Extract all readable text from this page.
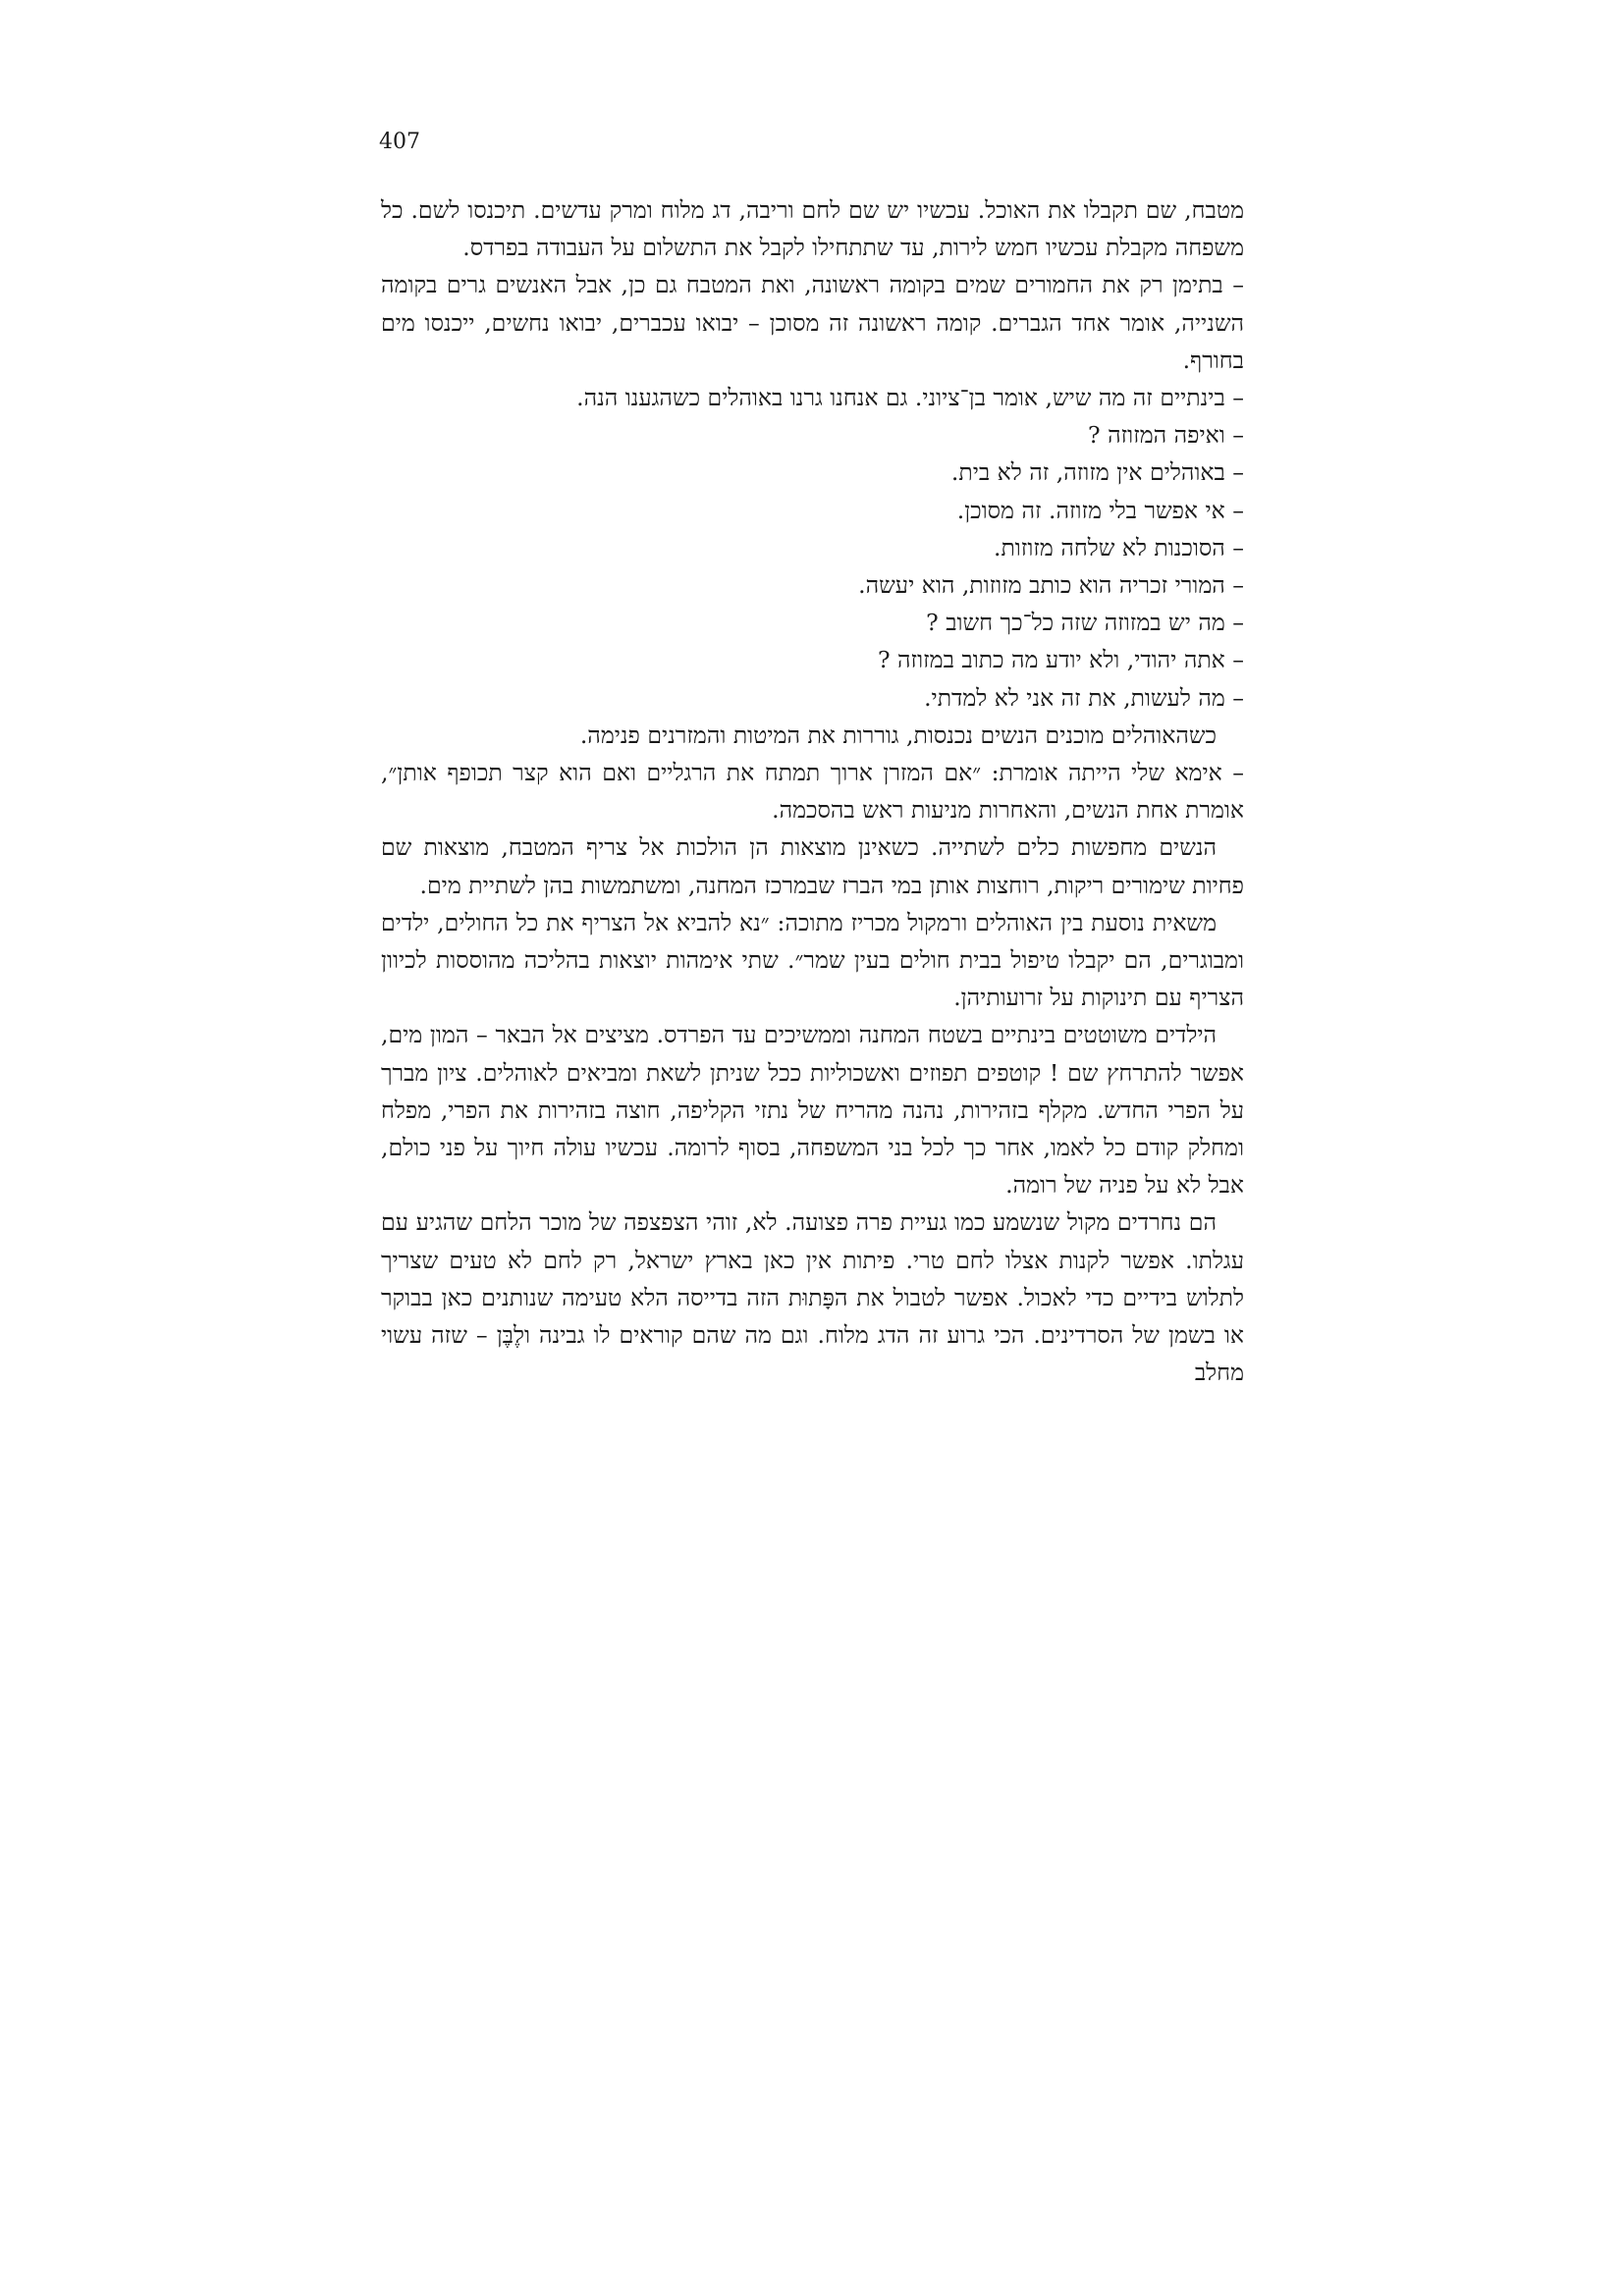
407

מטבח, שם תקבלו את האוכל. עכשיו יש שם לחם וריבה, דג מלוח ומרק עדשים. תיכנסו לשם. כל משפחה מקבלת עכשיו חמש לירות, עד שתתחילו לקבל את התשלום על העבודה בפרדס.

– בתימן רק את החמורים שמים בקומה ראשונה, ואת המטבח גם כן, אבל האנשים גרים בקומה השנייה, אומר אחד הגברים. קומה ראשונה זה מסוכן – יבואו עכברים, יבואו נחשים, ייכנסו מים בחורף.

– בינתיים זה מה שיש, אומר בן־ציוני. גם אנחנו גרנו באוהלים כשהגענו הנה.

– ואיפה המזוזה ?

– באוהלים אין מזוזה, זה לא בית.

– אי אפשר בלי מזוזה. זה מסוכן.

– הסוכנות לא שלחה מזוזות.

– המורי זכריה הוא כותב מזוזות, הוא יעשה.

– מה יש במזוזה שזה כל־כך חשוב ?

– אתה יהודי, ולא יודע מה כתוב במזוזה ?

– מה לעשות, את זה אני לא למדתי.

כשהאוהלים מוכנים הנשים נכנסות, גוררות את המיטות והמזרנים פנימה.

– אימא שלי הייתה אומרת: ״אם המזרן ארוך תמתח את הרגליים ואם הוא קצר תכופף אותן״, אומרת אחת הנשים, והאחרות מניעות ראש בהסכמה.

הנשים מחפשות כלים לשתייה. כשאינן מוצאות הן הולכות אל צריף המטבח, מוצאות שם פחיות שימורים ריקות, רוחצות אותן במי הברז שבמרכז המחנה, ומשתמשות בהן לשתיית מים.

משאית נוסעת בין האוהלים ורמקול מכריז מתוכה: ״נא להביא אל הצריף את כל החולים, ילדים ומבוגרים, הם יקבלו טיפול בבית חולים בעין שמר״. שתי אימהות יוצאות בהליכה מהוססות לכיוון הצריף עם תינוקות על זרועותיהן.

הילדים משוטטים בינתיים בשטח המחנה וממשיכים עד הפרדס. מציצים אל הבאר – המון מים, אפשר להתרחץ שם ! קוטפים תפוזים ואשכוליות ככל שניתן לשאת ומביאים לאוהלים. ציון מברך על הפרי החדש. מקלף בזהירות, נהנה מהריח של נתזי הקליפה, חוצה בזהירות את הפרי, מפלח ומחלק קודם כל לאמו, אחר כך לכל בני המשפחה, בסוף לרומה. עכשיו עולה חיוך על פני כולם, אבל לא על פניה של רומה.

הם נחרדים מקול שנשמע כמו געיית פרה פצועה. לא, זוהי הצפצפה של מוכר הלחם שהגיע עם עגלתו. אפשר לקנות אצלו לחם טרי. פיתות אין כאן בארץ ישראל, רק לחם לא טעים שצריך לתלוש בידיים כדי לאכול. אפשר לטבול את הפָּתוּת הזה בדייסה הלא טעימה שנותנים כאן בבוקר או בשמן של הסרדינים. הכי גרוע זה הדג מלוח. וגם מה שהם קוראים לו גבינה ולֶבֶּן – שזה עשוי מחלב
